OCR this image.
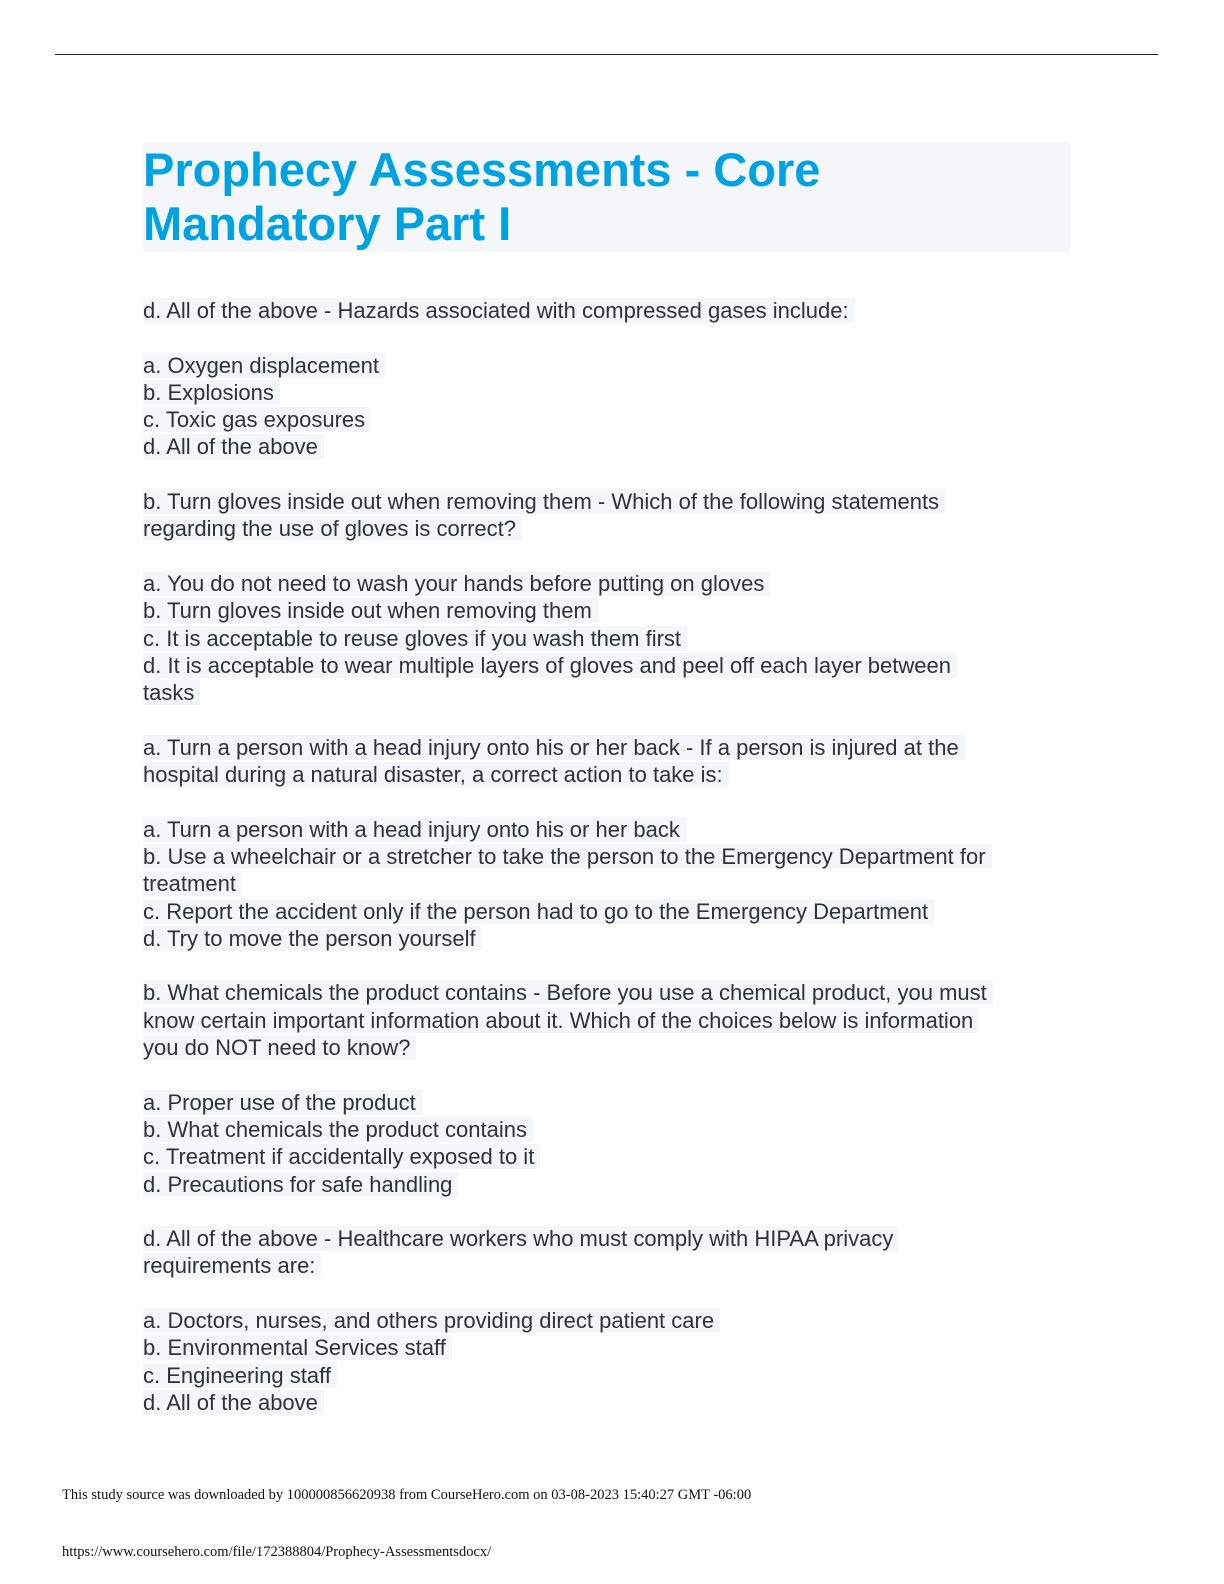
Prophecy Assessments - Core
Mandatory Part I
d. All of the above - Hazards associated with compressed gases include:
a. Oxygen displacement
b. Explosions
c. Toxic gas exposures
d. All of the above
b. Turn gloves inside out when removing them - Which of the following statements
regarding the use of gloves is correct?
a. You do not need to wash your hands before putting on gloves
b. Turn gloves inside out when removing them
c. It is acceptable to reuse gloves if you wash them first
d. It is acceptable to wear multiple layers of gloves and peel off each layer between
tasks
a. Turn a person with a head injury onto his or her back - If a person is injured at the
hospital during a natural disaster, a correct action to take is:
a. Turn a person with a head injury onto his or her back
b. Use a wheelchair or a stretcher to take the person to the Emergency Department for
treatment
c. Report the accident only if the person had to go to the Emergency Department
d. Try to move the person yourself
b. What chemicals the product contains - Before you use a chemical product, you must
know certain important information about it. Which of the choices below is information
you do NOT need to know?
a. Proper use of the product
b. What chemicals the product contains
c. Treatment if accidentally exposed to it
d. Precautions for safe handling
d. All of the above - Healthcare workers who must comply with HIPAA privacy
requirements are:
a. Doctors, nurses, and others providing direct patient care
b. Environmental Services staff
c. Engineering staff
d. All of the above
This study source was downloaded by 100000856620938 from CourseHero.com on 03-08-2023 15:40:27 GMT -06:00
https://www.coursehero.com/file/172388804/Prophecy-Assessmentsdocx/
